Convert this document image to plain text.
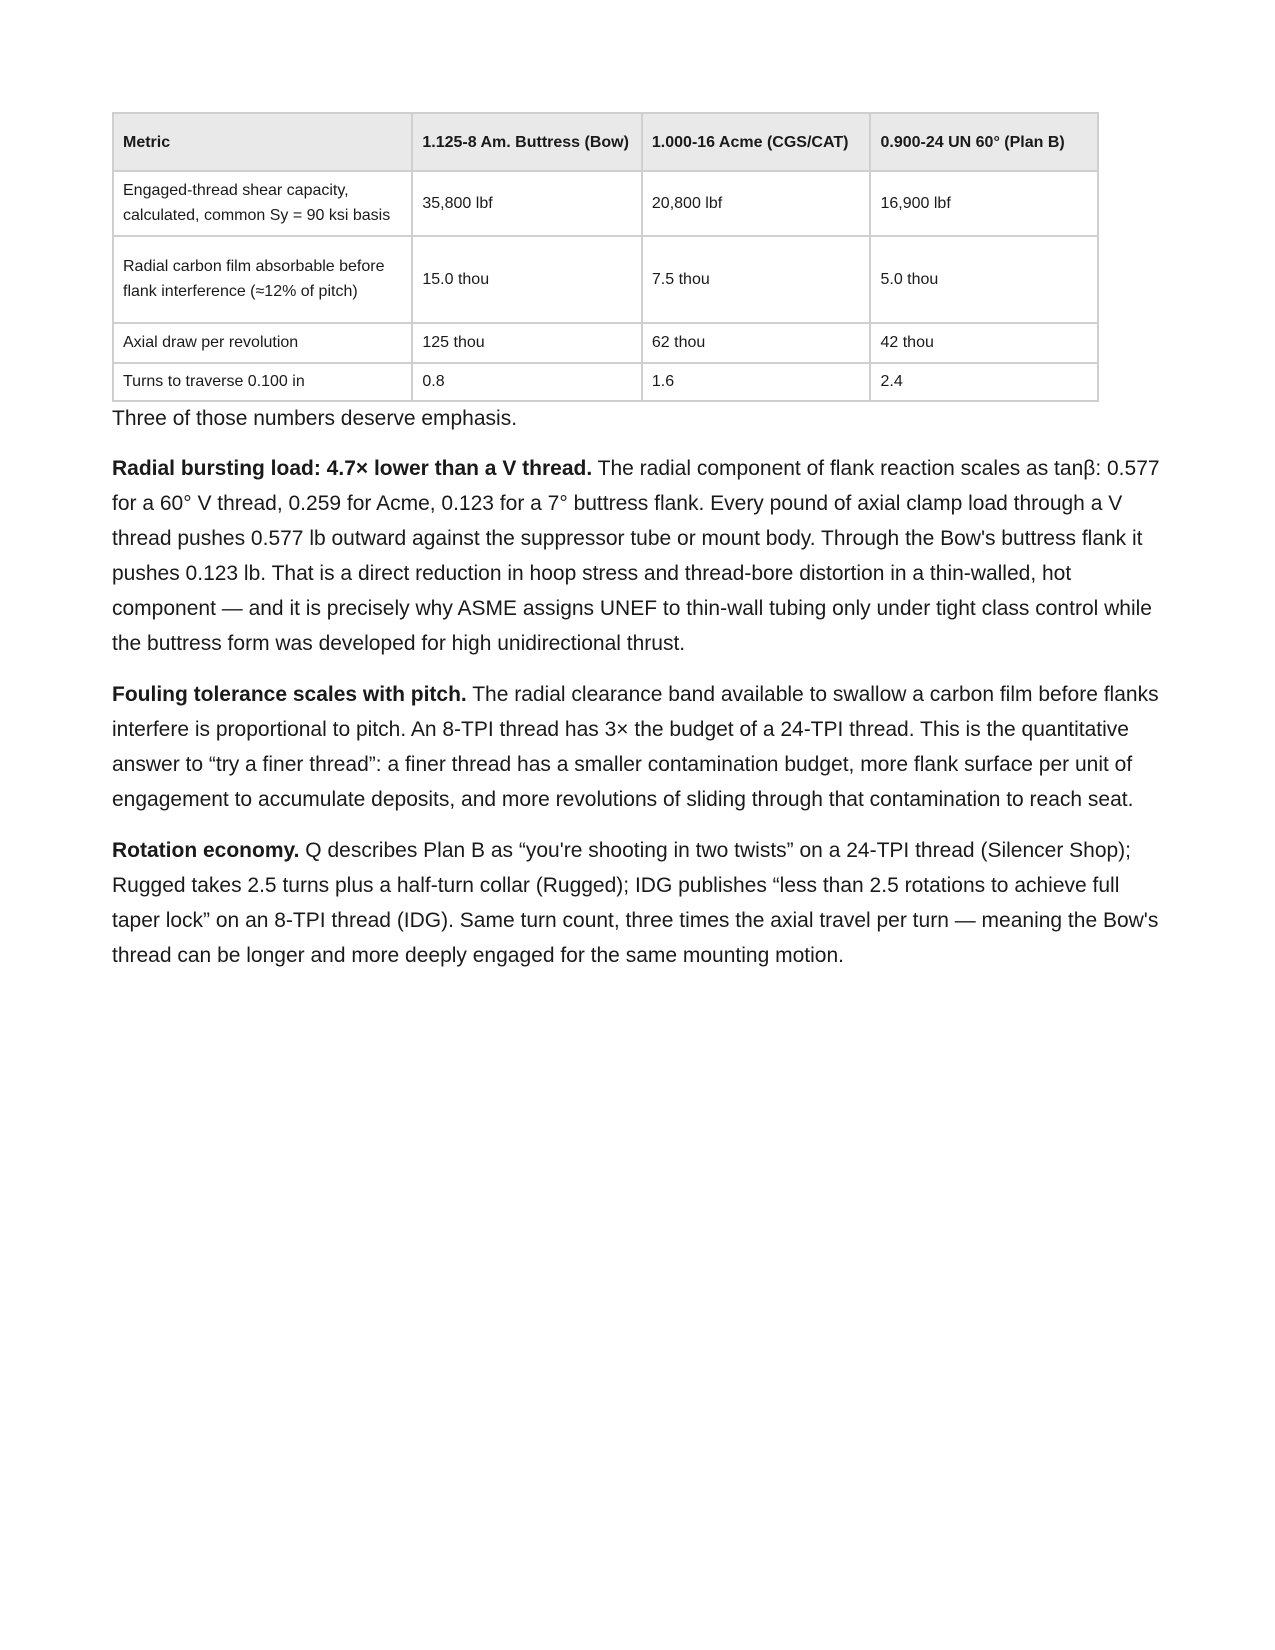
Metric	1.125-8 Am. Buttress (Bow)	1.000-16 Acme (CGS/CAT)	0.900-24 UN 60° (Plan B)
Engaged-thread shear capacity, calculated, common Sy = 90 ksi basis	35,800 lbf	20,800 lbf	16,900 lbf
Radial carbon film absorbable before flank interference (≈12% of pitch)	15.0 thou	7.5 thou	5.0 thou
Axial draw per revolution	125 thou	62 thou	42 thou
Turns to traverse 0.100 in	0.8	1.6	2.4

Three of those numbers deserve emphasis.

Radial bursting load: 4.7× lower than a V thread. The radial component of flank reaction scales as tanβ: 0.577 for a 60° V thread, 0.259 for Acme, 0.123 for a 7° buttress flank. Every pound of axial clamp load through a V thread pushes 0.577 lb outward against the suppressor tube or mount body. Through the Bow's buttress flank it pushes 0.123 lb. That is a direct reduction in hoop stress and thread-bore distortion in a thin-walled, hot component — and it is precisely why ASME assigns UNEF to thin-wall tubing only under tight class control while the buttress form was developed for high unidirectional thrust.

Fouling tolerance scales with pitch. The radial clearance band available to swallow a carbon film before flanks interfere is proportional to pitch. An 8-TPI thread has 3× the budget of a 24-TPI thread. This is the quantitative answer to “try a finer thread”: a finer thread has a smaller contamination budget, more flank surface per unit of engagement to accumulate deposits, and more revolutions of sliding through that contamination to reach seat.

Rotation economy. Q describes Plan B as “you're shooting in two twists” on a 24-TPI thread (Silencer Shop); Rugged takes 2.5 turns plus a half-turn collar (Rugged); IDG publishes “less than 2.5 rotations to achieve full taper lock” on an 8-TPI thread (IDG). Same turn count, three times the axial travel per turn — meaning the Bow's thread can be longer and more deeply engaged for the same mounting motion.
